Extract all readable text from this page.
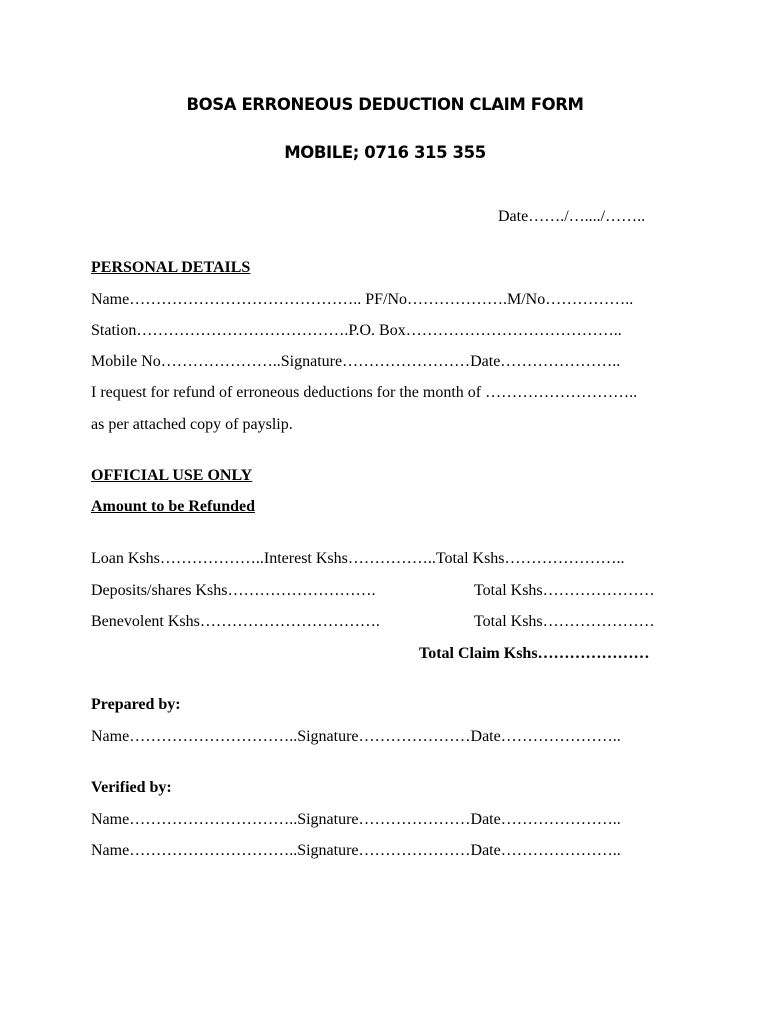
BOSA ERRONEOUS DEDUCTION CLAIM FORM
MOBILE; 0716 315 355
Date……./…..../……..
PERSONAL DETAILS
Name…………………………………….. PF/No……………….M/No……………..
Station………………………………….P.O. Box…………………………………..
Mobile No…………………..Signature……………………Date…………………..
I request for refund of erroneous deductions for the month of ………………………..
as per attached copy of payslip.
OFFICIAL USE ONLY
Amount to be Refunded
Loan Kshs………………..Interest Kshs……………..Total Kshs…………………..
Deposits/shares Kshs……………………….	Total Kshs…………………
Benevolent Kshs…………………………….	Total Kshs…………………
Total Claim Kshs…………………
Prepared by:
Name…………………………..Signature…………………Date…………………..
Verified by:
Name…………………………..Signature…………………Date…………………..
Name…………………………..Signature…………………Date…………………..
